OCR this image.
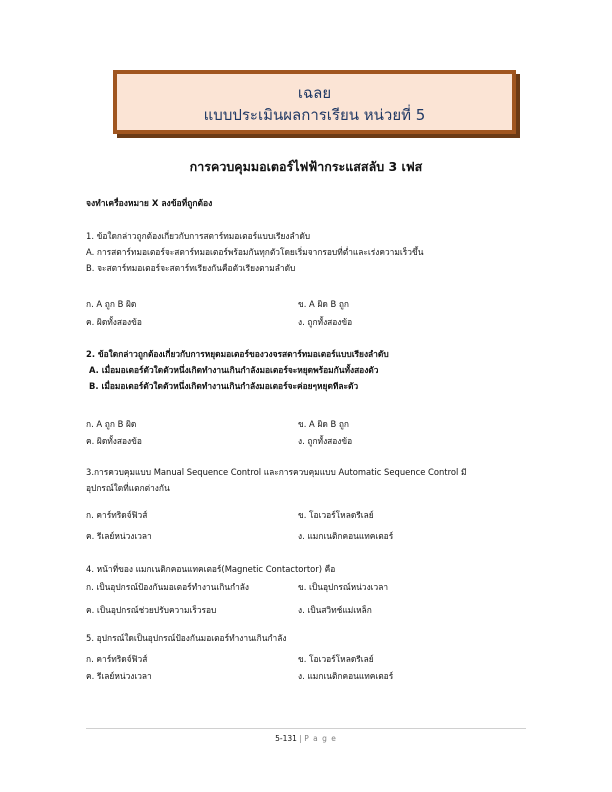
เฉลย
แบบประเมินผลการเรียน หน่วยที่ 5
การควบคุมมอเตอร์ไฟฟ้ากระแสสลับ 3 เฟส
จงทำเครื่องหมาย X ลงข้อที่ถูกต้อง
1. ข้อใดกล่าวถูกต้องเกี่ยวกับการสตาร์ทมอเตอร์แบบเรียงลำดับ
A. การสตาร์ทมอเตอร์จะสตาร์ทมอเตอร์พร้อมกันทุกตัวโดยเริ่มจากรอบที่ต่ำและเร่งความเร็วขึ้น
B. จะสตาร์ทมอเตอร์จะสตาร์ทเรียงกันคือตัวเรียงตามลำดับ
ก. A ถูก B ผิด	ข. A ผิด B ถูก
ค. ผิดทั้งสองข้อ	ง. ถูกทั้งสองข้อ
2. ข้อใดกล่าวถูกต้องเกี่ยวกับการหยุดมอเตอร์ของวงจรสตาร์ทมอเตอร์แบบเรียงลำดับ
A. เมื่อมอเตอร์ตัวใดตัวหนึ่งเกิดทำงานเกินกำลังมอเตอร์จะหยุดพร้อมกันทั้งสองตัว
B. เมื่อมอเตอร์ตัวใดตัวหนึ่งเกิดทำงานเกินกำลังมอเตอร์จะค่อยๆหยุดทีละตัว
ก. A ถูก B ผิด	ข. A ผิด B ถูก
ค. ผิดทั้งสองข้อ	ง. ถูกทั้งสองข้อ
3.การควบคุมแบบ Manual Sequence Control และการควบคุมแบบ Automatic Sequence Control มี
อุปกรณ์ใดที่แตกต่างกัน
ก. คาร์ทริดจ์ฟิวส์	ข. โอเวอร์โหลดรีเลย์
ค. รีเลย์หน่วงเวลา	ง. แมกเนติกคอนแทคเตอร์
4. หน้าที่ของ แมกเนติกคอนแทคเตอร์(Magnetic Contactortor) คือ
ก. เป็นอุปกรณ์ป้องกันมอเตอร์ทำงานเกินกำลัง	ข. เป็นอุปกรณ์หน่วงเวลา
ค. เป็นอุปกรณ์ช่วยปรับความเร็วรอบ	ง. เป็นสวิทช์แม่เหล็ก
5. อุปกรณ์ใดเป็นอุปกรณ์ป้องกันมอเตอร์ทำงานเกินกำลัง
ก. คาร์ทริดจ์ฟิวส์	ข. โอเวอร์โหลดรีเลย์
ค. รีเลย์หน่วงเวลา	ง. แมกเนติกคอนแทคเตอร์
5-131 | P a g e
